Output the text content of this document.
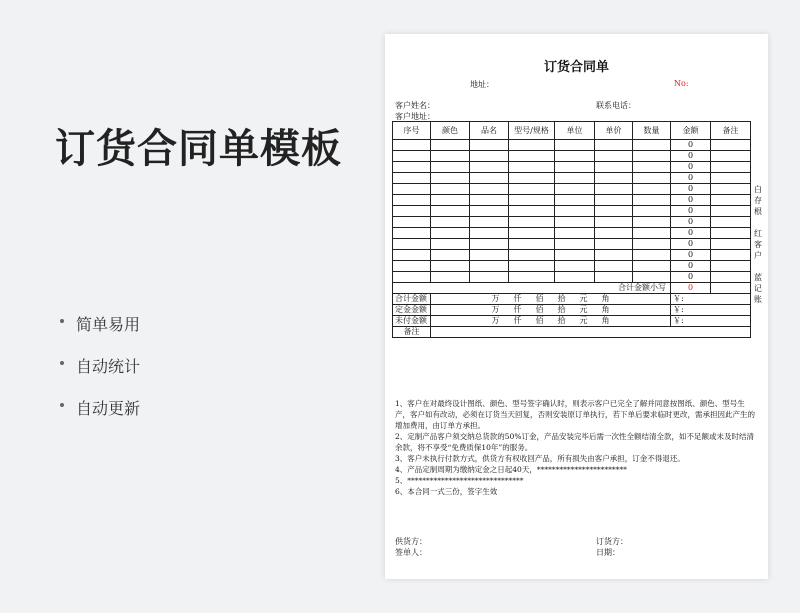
订货合同单模板
简单易用
自动统计
自动更新
订货合同单
地址：	No:
客户姓名：	联系电话：
客户地址：
序号	颜色	品名	型号/规格	单位	单价	数量	金额	备注
							0	
							0	
							0	
							0	
							0	
							0	
							0	
							0	
							0	
							0	
							0	
							0	
							0	
合计金额小写							0	
合计金额	万 仟 佰 拾 元 角						￥:	
定金金额	万 仟 佰 拾 元 角						￥:	
未付金额	万 仟 佰 拾 元 角						￥:	
备注								
白存根
红客户
蓝记账

1、客户在对最终设计图纸、颜色、型号签字确认时，则表示客户已完全了解并同意按图纸、颜色、型号生产，客户如有改动，必须在订货当天回复，否则安装原订单执行，若下单后要求临时更改，需承担因此产生的增加费用，由订单方承担。

2、定制产品客户须交纳总货款的50%订金，产品安装完毕后需一次性全额结清全款，如不足额或未及时结清余款，将不享受“免费质保10年”的服务。

3、客户未执行付款方式，供货方有权收回产品，所有损失由客户承担，订金不得退还。

4、产品定制周期为缴纳定金之日起40天，************************

5、*******************************

6、本合同一式三份，签字生效

供货方：
签单人：
订货方：
日期：
